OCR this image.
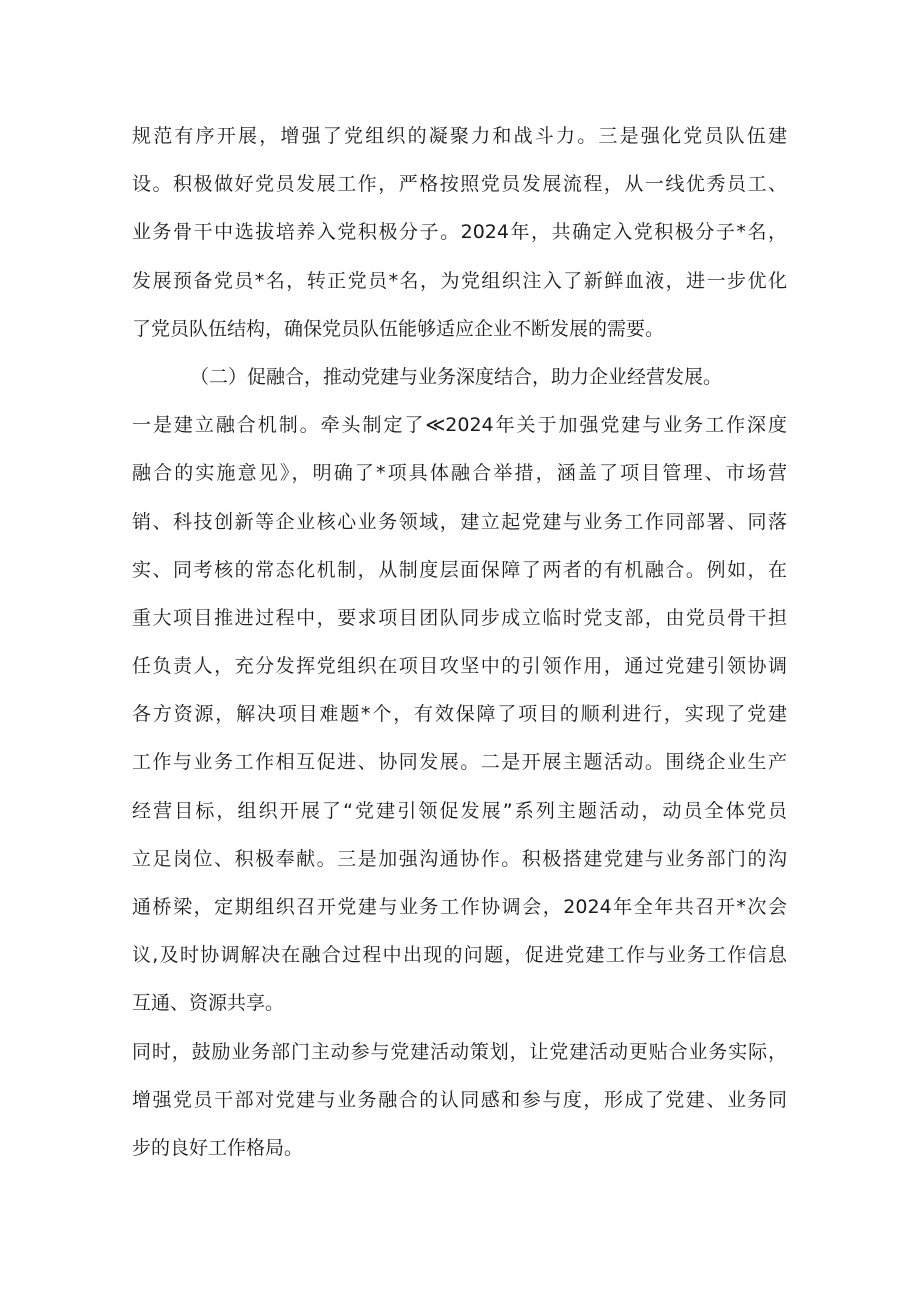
规范有序开展，增强了党组织的凝聚力和战斗力。三是强化党员队伍建
设。积极做好党员发展工作，严格按照党员发展流程，从一线优秀员工、
业务骨干中选拔培养入党积极分子。2024年，共确定入党积极分子*名，
发展预备党员*名，转正党员*名，为党组织注入了新鲜血液，进一步优化
了党员队伍结构，确保党员队伍能够适应企业不断发展的需要。
（二）促融合，推动党建与业务深度结合，助力企业经营发展。
一是建立融合机制。牵头制定了≪2024年关于加强党建与业务工作深度
融合的实施意见》，明确了*项具体融合举措，涵盖了项目管理、市场营
销、科技创新等企业核心业务领域，建立起党建与业务工作同部署、同落
实、同考核的常态化机制，从制度层面保障了两者的有机融合。例如，在
重大项目推进过程中，要求项目团队同步成立临时党支部，由党员骨干担
任负责人，充分发挥党组织在项目攻坚中的引领作用，通过党建引领协调
各方资源，解决项目难题*个，有效保障了项目的顺利进行，实现了党建
工作与业务工作相互促进、协同发展。二是开展主题活动。围绕企业生产
经营目标，组织开展了“党建引领促发展”系列主题活动，动员全体党员
立足岗位、积极奉献。三是加强沟通协作。积极搭建党建与业务部门的沟
通桥梁，定期组织召开党建与业务工作协调会，2024年全年共召开*次会
议,及时协调解决在融合过程中出现的问题，促进党建工作与业务工作信息
互通、资源共享。
同时，鼓励业务部门主动参与党建活动策划，让党建活动更贴合业务实际，
增强党员干部对党建与业务融合的认同感和参与度，形成了党建、业务同
步的良好工作格局。
